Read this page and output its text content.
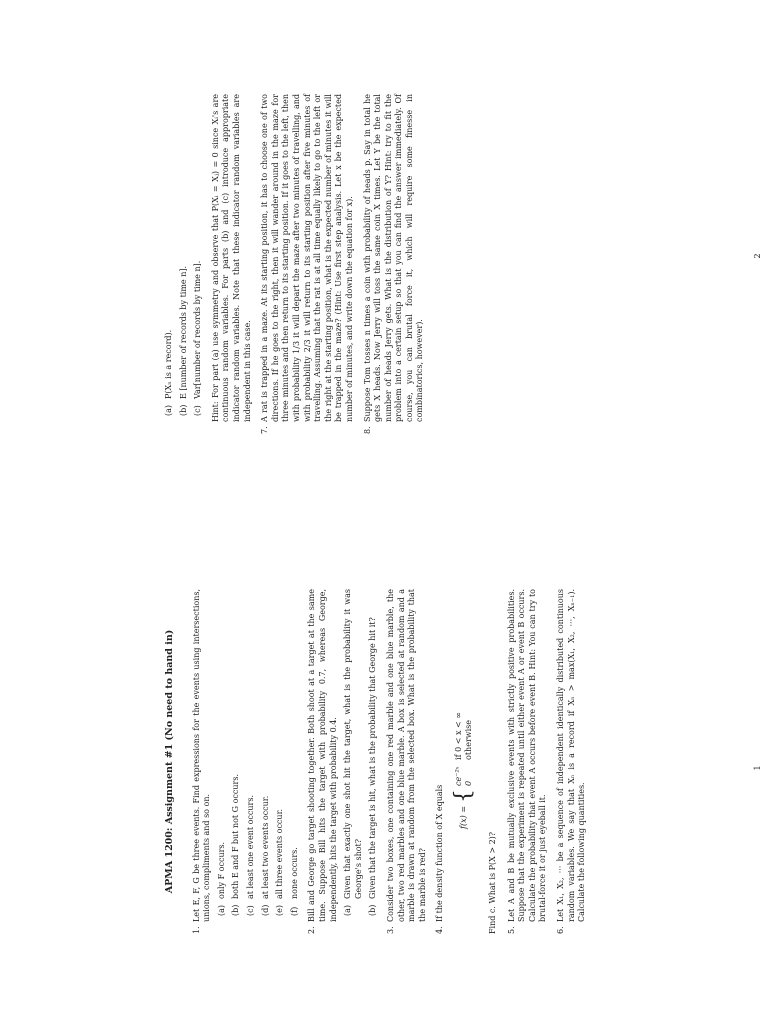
APMA 1200: Assignment #1 (No need to hand in)
1.

Let E, F, G be three events. Find expressions for the events using intersections, unions, compliments and so on. (a)
only F occurs.
(b)
both E and F but not G occurs.
(c)
at least one event occurs.
(d)
at least two events occur.
(e)
all three events occur.
(f)
none occurs.
2.

Bill and George go target shooting together. Both shoot at a target at the same time. Suppose Bill hits the target with probability 0.7, whereas George, independently, hits the target with probability 0.4. (a)
Given that exactly one shot hit the target, what is the probability it was George's shot?
(b)
Given that the target is hit, what is the probability that George hit it?
3.

Consider two boxes, one containing one red marble and one blue marble, the other, two red marbles and one blue marble. A box is selected at random and a marble is drawn at random from the selected box. What is the probability that the marble is red?

4.

If the density function of X equals f(x) =
{
ce⁻²ˣ
if 0 < x < ∞
0
otherwise

Find c. What is P(X > 2)? 5.

Let A and B be mutually exclusive events with strictly positive probabilities. Suppose that the experiment is repeated until either event A or event B occurs. Calculate the probability that event A occurs before event B. Hint: You can try to brutal-force it or just eyeball it.

6.

Let X₁, X₂, ··· be a sequence of independent identically distributed continuous random variables. We say that Xₙ is a record if Xₙ > max(X₁, X₂, ···, Xₙ₋₁). Calculate the following quantities.

1
(a)
P(Xₙ is a record).
(b)
E [number of records by time n].
(c)
Var[number of records by time n]. Hint: For part (a) use symmetry and observe that P(Xᵢ = Xⱼ) = 0 since Xᵢ's are continuous random variables. For parts (b) and (c) introduce appropriate indicator random variables. Note that these indicator random variables are independent in this case.

7.

A rat is trapped in a maze. At its starting position, it has to choose one of two directions. If he goes to the right, then it will wander around in the maze for three minutes and then return to its starting position. If it goes to the left, then with probability 1/3 it will depart the maze after two minutes of travelling, and with probability 2/3 it will return to its starting position after five minutes of travelling. Assuming that the rat is at all time equally likely to go to the left or the right at the starting position, what is the expected number of minutes it will be trapped in the maze? (Hint: Use first step analysis. Let x be the expected number of minutes, and write down the equation for x).

8.

Suppose Tom tosses n times a coin with probability of heads p. Say in total he gets X heads. Now Jerry will toss the same coin X times. Let Y be the total number of heads Jerry gets. What is the distribution of Y? Hint: try to fit the problem into a certain setup so that you can find the answer immediately. Of course, you can brutal force it, which will require some finesse in combinatorics, however).

2
